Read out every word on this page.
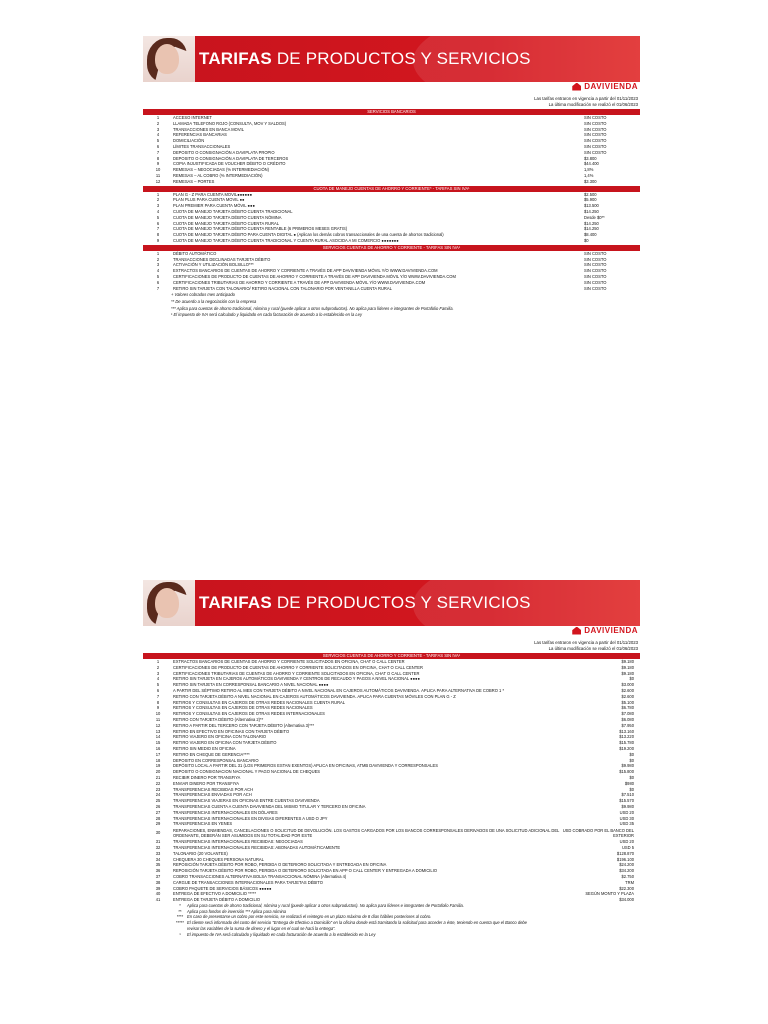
TARIFAS DE PRODUCTOS Y SERVICIOS
DAVIVIENDA
Las tarifas entraron en vigencia a partir del 01/11/2023
La última modificación se realizó el 01/06/2023
SERVICIOS BANCARIOS
1	ACCESO INTERNET	SIN COSTO
2	LLAMADA TELEFONO ROJO (CONSULTA, MOV Y SALDOS)	SIN COSTO
3	TRANSACCIONES EN BANCA MOVIL	SIN COSTO
4	REFERENCIAS BANCARIAS	SIN COSTO
5	DOMICILIACIÓN	SIN COSTO
6	LÍMITES TRANSACCIONALES	SIN COSTO
7	DEPOSITO O CONSIGNACIÓN A DAVIPLATA PROPIO	SIN COSTO
8	DEPOSITO O CONSIGNACIÓN A DAVIPLATA DE TERCEROS	$3.800
9	COPIA INJUSTIFICADA DE VOUCHER DÉBITO O CRÉDITO	$44.400
10	REMESAS – NEGOCIADAS (% INTERMEDIACIÓN)	1,8%
11	REMESAS – AL COBRO (% INTERMEDIACIÓN)	1,4%
12	REMESAS – PORTES	$3.300
CUOTA DE MANEJO CUENTAS DE AHORRO Y CORRIENTE* - TARIFAS SIN IVA¹
1	PLAN G - Z PARA CUENTA MOVIL●●●●●●	$2.500
2	PLAN PLUS PARA CUENTA MOVIL ●●	$5.900
3	PLAN PREMIER PARA CUENTA MÓVIL ●●●	$13.500
4	CUOTA DE MANEJO TARJETA DÉBITO CUENTA TRADICIONAL	$14.250
5	CUOTA DE MANEJO TARJETA DÉBITO CUENTA NÓMINA	Desde $0**
6	CUOTA DE MANEJO TARJETA DÉBITO CUENTA RURAL	$14.250
7	CUOTA DE MANEJO TARJETA DÉBITO CUENTA RENTABLE (6 PRIMEROS MESES GRATIS)	$14.250
8	CUOTA DE MANEJO TARJETA DÉBITO PARA CUENTA DIGITAL ● (Aplican los demás cobros transaccionales de una cuenta de ahorros tradicional)	$8.400
9	CUOTA DE MANEJO TARJETA DÉBITO CUENTA TRADICIONAL Y CUENTA RURAL ASOCIDA A MI COMERCIO ●●●●●●●	$0
SERVICIOS CUENTAS DE AHORRO Y CORRIENTE - TARIFAS SIN IVA¹
1	DÉBITO AUTOMÁTICO	SIN COSTO
2	TRANSACCIONES DECLINADAS TARJETA DÉBITO	SIN COSTO
3	ACTIVACIÓN Y UTILIZACIÓN BOLSILLO***	SIN COSTO
4	EXTRACTOS BANCARIOS DE CUENTAS DE AHORRO Y CORRIENTE A TRAVÉS DE APP DAVIVIENDA MÓVIL Y/O WWW.DAVIVIENDA.COM	SIN COSTO
5	CERTIFICACIONES DE PRODUCTO DE CUENTAS DE AHORRO Y CORRIENTE A TRAVÉS DE APP DAVIVIENDA MÓVIL Y/O WWW.DAVIVIENDA.COM	SIN COSTO
6	CERTIFICACIONES TRIBUTARIAS DE AHORRO Y CORRIENTE A TRAVÉS DE APP DAVIVIENDA MÓVIL Y/O WWW.DAVIVIENDA.COM	SIN COSTO
7	RETIRO SIN TARJETA CON TALONARIO/ RETIRO NACIONAL CON TALONARIO POR VENTANILLA CUENTA RURAL	SIN COSTO
+ Valores cobrados mes anticipado
** De acuerdo a la negociación con la empresa
*** Aplica para cuentas de ahorro tradicional, nómina y rural (puede aplicar a otros subproductos). No aplica para líderes e integrantes de Portafolio Familia.
¹ El impuesto de IVA será calculado y liquidado en cada facturación de acuerdo a lo establecido en la Ley
TARIFAS DE PRODUCTOS Y SERVICIOS
DAVIVIENDA
Las tarifas entraron en vigencia a partir del 01/11/2023
La última modificación se realizó el 01/06/2023
SERVICIOS CUENTAS DE AHORRO Y CORRIENTE - TARIFAS SIN IVA¹
1	EXTRACTOS BANCARIOS DE CUENTAS DE AHORRO Y CORRIENTE SOLICITADOS EN OFICINA, CHAT O CALL CENTER	$9.180
2	CERTIFICACIONES DE PRODUCTO DE CUENTAS DE AHORRO Y CORRIENTE SOLICITADOS EN OFICINA, CHAT O CALL CENTER	$9.180
3	CERTIFICACIONES TRIBUTARIAS DE CUENTAS DE AHORRO Y CORRIENTE SOLICITADOS EN OFICINA, CHAT O CALL CENTER	$9.180
4	RETIRO SIN TARJETA EN CAJEROS AUTOMÁTICOS DAVIVIENDA Y CENTROS DE RECAUDO Y PAGOS A NIVEL NACIONAL ●●●●	$0
5	RETIRO SIN TARJETA EN CORRESPONSAL BANCARIO A NIVEL NACIONAL ●●●●	$3.000
6	A PARTIR DEL SÉPTIMO RETIRO AL MES CON TARJETA DÉBITO A NIVEL NACIONAL EN CAJEROS AUTOMÁTICOS DAVIVIENDA. APLICA PARA ALTERNATIVA DE COBRO 1 *	$2.600
7	RETIRO CON TARJETA DÉBITO A NIVEL NACIONAL EN CAJEROS AUTOMÁTICOS DAVIVIENDA. APLICA PARA CUENTAS MÓVILES CON PLAN G - Z	$2.600
8	RETIROS Y CONSULTAS EN CAJEROS DE OTRAS REDES NACIONALES CUENTA RURAL	$5.100
9	RETIROS Y CONSULTAS EN CAJEROS DE OTRAS REDES NACIONALES	$6.780
10	RETIROS Y CONSULTAS EN CAJEROS DE OTRAS REDES INTERNACIONALES	$7.080
11	RETIRO CON TARJETA DÉBITO (Alternativa 2)**	$6.080
12	RETIRO A PARTIR DEL TERCERO CON TARJETA DÉBITO (Alternativa 3)***	$7.950
13	RETIRO EN EFECTIVO EN OFICINAS CON TARJETA DÉBITO	$13.160
14	RETIRO VIAJERO EN OFICINA CON TALONARIO	$13.220
15	RETIRO VIAJERO EN OFICINA CON TARJETA DÉBITO	$15.780
16	RETIRO SIN MEDIO EN OFICINA	$19.200
17	RETIRO EN CHEQUE DE GERENCIA****	$0
18	DEPOSITO EN CORRESPONSAL BANCARIO	$0
19	DEPÓSITO LOCAL A PARTIR DEL 31 (LOS PRIMEROS ESTAN EXENTOS) APLICA EN OFICINAS, ATMB DAVIVIENDA Y CORRESPONSALES	$9.980
20	DEPOSITO O CONSIGNACION NACIONAL Y PAGO NACIONAL DE CHEQUES	$15.800
21	RECIBIR DINERO POR TRANSFIYA	$0
22	ENVIAR DINERO POR TRANSFIYA	$980
23	TRANSFERENCIAS RECIBIDAS POR ACH	$0
24	TRANSFERENCIAS ENVIADAS POR ACH	$7.510
25	TRANSFERENCIAS VIAJERAS EN OFICINAS ENTRE CUENTAS DAVIVIENDA	$15.570
26	TRANSFERENCIAS CUENTA A CUENTA DAVIVIENDA DEL MISMO TITULAR Y TERCERO EN OFICINA	$9.980
27	TRANSFERENCIAS INTERNACIONALES EN DÓLARES	USD 20
28	TRANSFERENCIAS INTERNACIONALES EN DIVISAS DIFERENTES A USD O JPY	USD 30
29	TRANSFERENCIAS EN YENES	USD 35
30	REPARACIONES, ENMIENDAS, CANCELACIONES O SOLICITUD DE DEVOLUCIÓN. LOS GASTOS CARGADOS POR LOS BANCOS CORRESPONSALES DERIVADOS DE UNA SOLICITUD ADICIONAL DEL ORDENANTE, DEBERÁN SER ASUMIDOS EN SU TOTALIDAD POR ESTE	USD COBRADO POR EL BANCO DEL EXTERIOR
31	TRANSFERENCIAS INTERNACIONALES RECIBIDAS: NEGOCIADAS	USD 20
32	TRANSFERENCIAS INTERNACIONALES RECIBIDAS: ABONADAS AUTOMÁTICAMENTE	USD 5
33	TALONARIO (20 VOLANTES)	$128.870
34	CHEQUERA 30 CHEQUES PERSONA NATURAL	$196.100
35	REPOSICIÓN TARJETA DÉBITO POR ROBO, PERDIDA O DETERIORO SOLICITADA Y ENTREGADA EN OFICINA	$24.200
36	REPOSICIÓN TARJETA DÉBITO POR ROBO, PERDIDA O DETERIORO SOLICITADA EN APP O CALL CENTER Y ENTREGADA A DOMICILIO	$34.200
37	COBRO TRANSACCIONES ALTERNATIVA BOLSA TRANSACCIONAL NÓMINA (Alternativa 4)	$2.750
38	CARGUE DE TRANSACCIONES INTERNACIONALES PARA TARJETAS DÉBITO	TRM
39	COBRO PAQUETE DE SERVICIOS BÁSICOS ●●●●●	$22.300
40	ENTREGA DE EFECTIVO A DOMICILIO *****	SEGÚN MONTO Y PLAZA
41	ENTREGA DE TARJETA DÉBITO A DOMICILIO	$34.000
* Aplica para cuentas de ahorro tradicional, nómina y rural (puede aplicar a otros subproductos). No aplica para líderes e integrantes de Portafolio Familia.
** Aplica para fondos de inversión *** Aplica para nómina
**** En caso de presentarse un cobro por este servicio, se realizará el reintegro en un plazo máximo de 8 días hábiles posteriores al cobro.
***** El cliente será informado del costo del servicio "Entrega de Efectivo a Domicilio" en la oficina donde está tramitando la solicitud para acceder a éste, teniendo en cuenta que el Banco debe
revisar las variables de la suma de dinero y el lugar en el cual se hará la entrega".
¹ El impuesto de IVA será calculado y liquidado en cada facturación de acuerdo a lo establecido en la Ley
